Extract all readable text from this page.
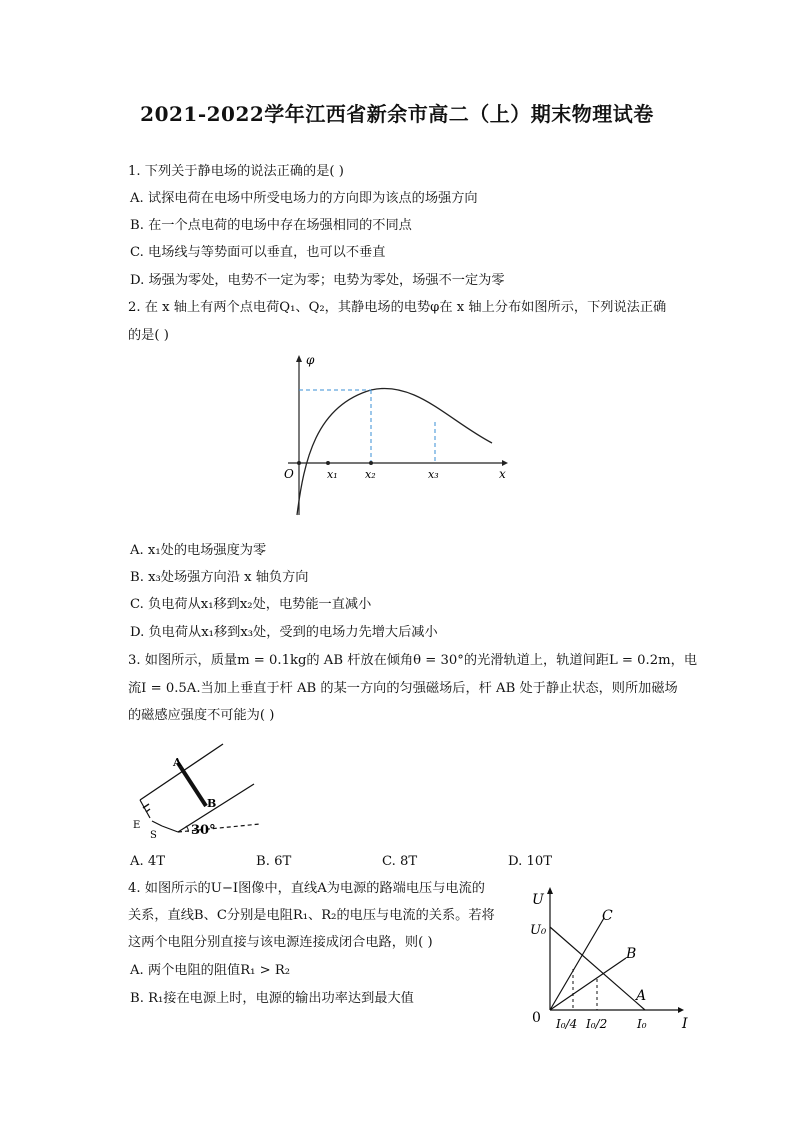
2021-2022学年江西省新余市高二（上）期末物理试卷
1. 下列关于静电场的说法正确的是( )
A. 试探电荷在电场中所受电场力的方向即为该点的场强方向
B. 在一个点电荷的电场中存在场强相同的不同点
C. 电场线与等势面可以垂直，也可以不垂直
D. 场强为零处，电势不一定为零；电势为零处，场强不一定为零
2. 在 x 轴上有两个点电荷Q₁、Q₂，其静电场的电势φ在 x 轴上分布如图所示，下列说法正确
的是( )
φ
O	x
x₁ x₂	x₃
A. x₁处的电场强度为零
B. x₃处场强方向沿 x 轴负方向
C. 负电荷从x₁移到x₂处，电势能一直减小
D. 负电荷从x₁移到x₃处，受到的电场力先增大后减小
3. 如图所示，质量m = 0.1kg的 AB 杆放在倾角θ = 30°的光滑轨道上，轨道间距L = 0.2m，电
流I = 0.5A.当加上垂直于杆 AB 的某一方向的匀强磁场后，杆 AB 处于静止状态，则所加磁场
的磁感应强度不可能为( )
A
B
E
S	30°
A. 4T	B. 6T	C. 8T	D. 10T
4. 如图所示的U−I图像中，直线A为电源的路端电压与电流的
关系，直线B、C分别是电阻R₁、R₂的电压与电流的关系。若将
这两个电阻分别直接与该电源连接成闭合电路，则( )
A. 两个电阻的阻值R₁ > R₂
B. R₁接在电源上时，电源的输出功率达到最大值
U
U₀
0	I
C
B
A
I₀/4 I₀/2 I₀
